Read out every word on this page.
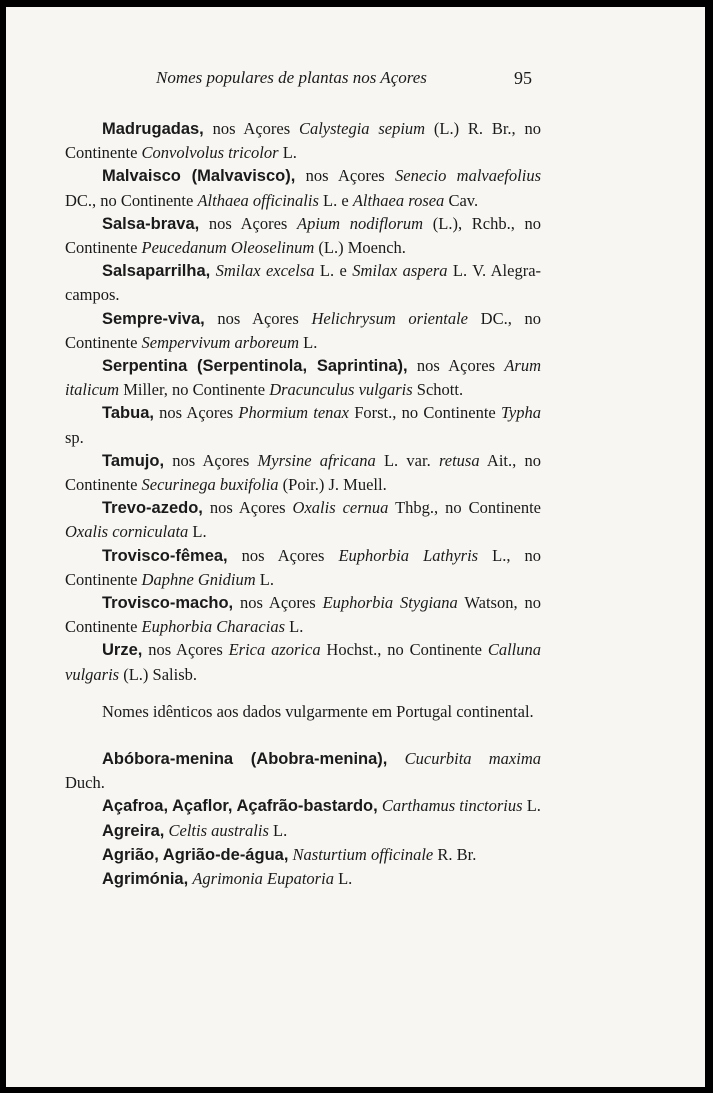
Nomes populares de plantas nos Açores	95

Madrugadas, nos Açores Calystegia sepium (L.) R. Br., no Continente Convolvolus tricolor L.

Malvaisco (Malvavisco), nos Açores Senecio malvaefolius DC., no Continente Althaea officinalis L. e Althaea rosea Cav.

Salsa-brava, nos Açores Apium nodiflorum (L.), Rchb., no Continente Peucedanum Oleoselinum (L.) Moench.

Salsaparrilha, Smilax excelsa L. e Smilax aspera L. V. Alegra-campos.

Sempre-viva, nos Açores Helichrysum orientale DC., no Continente Sempervivum arboreum L.

Serpentina (Serpentinola, Saprintina), nos Açores Arum italicum Miller, no Continente Dracunculus vulgaris Schott.

Tabua, nos Açores Phormium tenax Forst., no Continente Typha sp.

Tamujo, nos Açores Myrsine africana L. var. retusa Ait., no Continente Securinega buxifolia (Poir.) J. Muell.

Trevo-azedo, nos Açores Oxalis cernua Thbg., no Continente Oxalis corniculata L.

Trovisco-fêmea, nos Açores Euphorbia Lathyris L., no Continente Daphne Gnidium L.

Trovisco-macho, nos Açores Euphorbia Stygiana Watson, no Continente Euphorbia Characias L.

Urze, nos Açores Erica azorica Hochst., no Continente Calluna vulgaris (L.) Salisb.

Nomes idênticos aos dados vulgarmente em Portugal continental.

Abóbora-menina (Abobra-menina), Cucurbita maxima Duch.

Açafroa, Açaflor, Açafrão-bastardo, Carthamus tinctorius L.

Agreira, Celtis australis L.

Agrião, Agrião-de-água, Nasturtium officinale R. Br.

Agrimónia, Agrimonia Eupatoria L.
